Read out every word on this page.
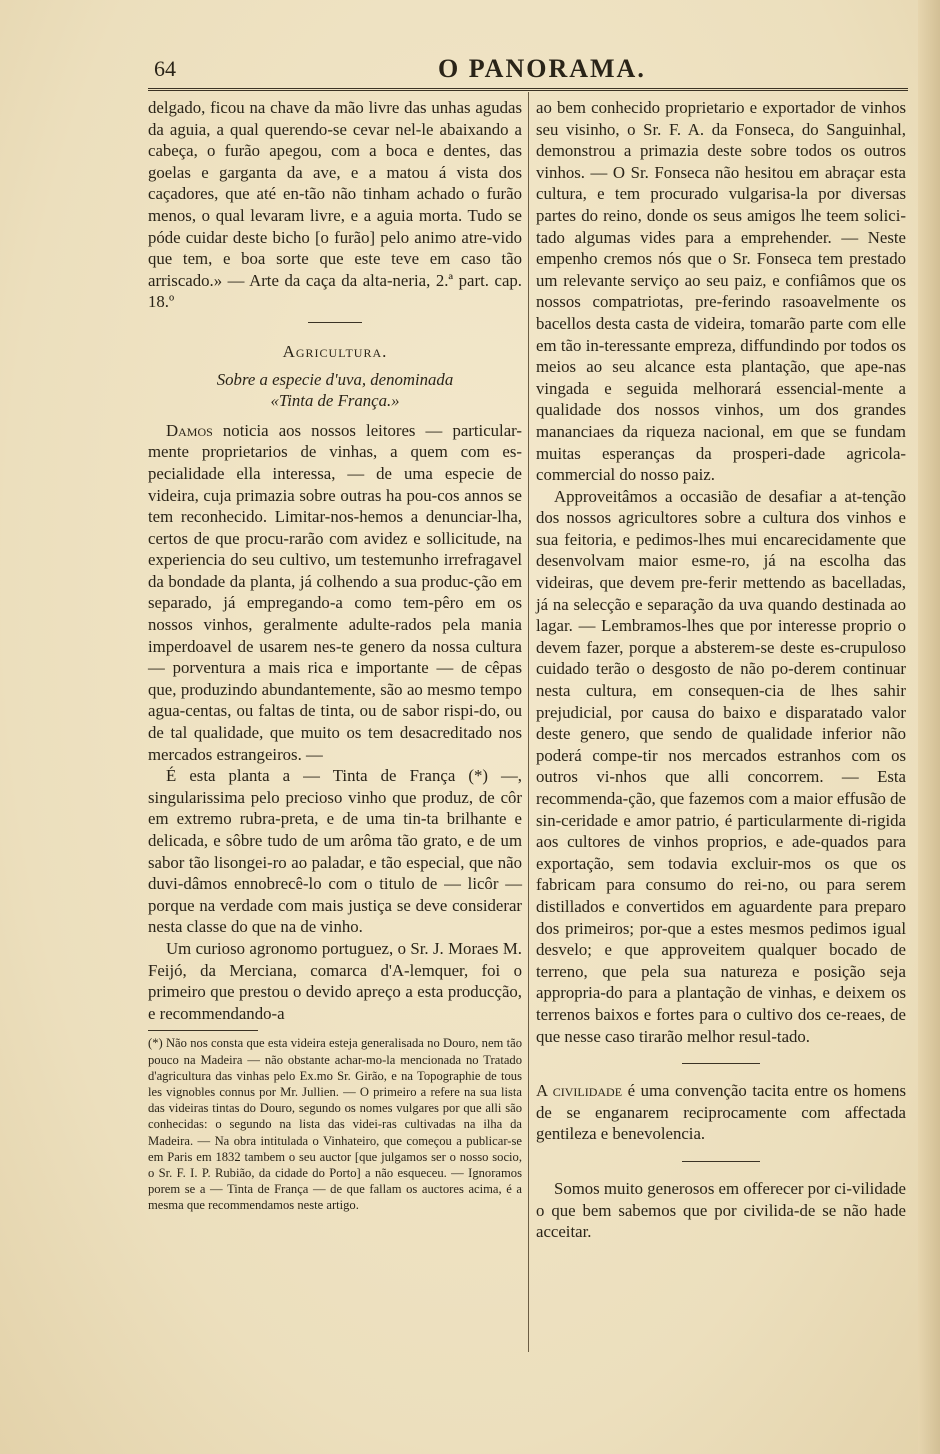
64	O PANORAMA.

delgado, ficou na chave da mão livre das unhas agudas da aguia, a qual querendo-se cevar nel-le abaixando a cabeça, o furão apegou, com a boca e dentes, das goelas e garganta da ave, e a matou á vista dos caçadores, que até en-tão não tinham achado o furão menos, o qual levaram livre, e a aguia morta. Tudo se póde cuidar deste bicho [o furão] pelo animo atre-vido que tem, e boa sorte que este teve em caso tão arriscado.» — Arte da caça da alta-neria, 2.ª part. cap. 18.º

Agricultura.
Sobre a especie d'uva, denominada
«Tinta de França.»

Damos noticia aos nossos leitores — particular-mente proprietarios de vinhas, a quem com es-pecialidade ella interessa, — de uma especie de videira, cuja primazia sobre outras ha pou-cos annos se tem reconhecido. Limitar-nos-hemos a denunciar-lha, certos de que procu-rarão com avidez e sollicitude, na experiencia do seu cultivo, um testemunho irrefragavel da bondade da planta, já colhendo a sua produc-ção em separado, já empregando-a como tem-pêro em os nossos vinhos, geralmente adulte-rados pela mania imperdoavel de usarem nes-te genero da nossa cultura — porventura a mais rica e importante — de cêpas que, produzindo abundantemente, são ao mesmo tempo agua-centas, ou faltas de tinta, ou de sabor rispi-do, ou de tal qualidade, que muito os tem desacreditado nos mercados estrangeiros. —

É esta planta a — Tinta de França (*) —, singularissima pelo precioso vinho que produz, de côr em extremo rubra-preta, e de uma tin-ta brilhante e delicada, e sôbre tudo de um arôma tão grato, e de um sabor tão lisongei-ro ao paladar, e tão especial, que não duvi-dâmos ennobrecê-lo com o titulo de — licôr — porque na verdade com mais justiça se deve considerar nesta classe do que na de vinho.

Um curioso agronomo portuguez, o Sr. J. Moraes M. Feijó, da Merciana, comarca d'A-lemquer, foi o primeiro que prestou o devido apreço a esta producção, e recommendando-a

(*) Não nos consta que esta videira esteja generalisada no Douro, nem tão pouco na Madeira — não obstante achar-mo-la mencionada no Tratado d'agricultura das vinhas pelo Ex.mo Sr. Girão, e na Topographie de tous les vignobles connus por Mr. Jullien. — O primeiro a refere na sua lista das videiras tintas do Douro, segundo os nomes vulgares por que alli são conhecidas: o segundo na lista das videi-ras cultivadas na ilha da Madeira. — Na obra intitulada o Vinhateiro, que começou a publicar-se em Paris em 1832 tambem o seu auctor [que julgamos ser o nosso socio, o Sr. F. I. P. Rubião, da cidade do Porto] a não esqueceu. — Ignoramos porem se a — Tinta de França — de que fallam os auctores acima, é a mesma que recommendamos neste artigo.

ao bem conhecido proprietario e exportador de vinhos seu visinho, o Sr. F. A. da Fonseca, do Sanguinhal, demonstrou a primazia deste sobre todos os outros vinhos. — O Sr. Fonseca não hesitou em abraçar esta cultura, e tem procurado vulgarisa-la por diversas partes do reino, donde os seus amigos lhe teem solici-tado algumas vides para a emprehender. — Neste empenho cremos nós que o Sr. Fonseca tem prestado um relevante serviço ao seu paiz, e confiâmos que os nossos compatriotas, pre-ferindo rasoavelmente os bacellos desta casta de videira, tomarão parte com elle em tão in-teressante empreza, diffundindo por todos os meios ao seu alcance esta plantação, que ape-nas vingada e seguida melhorará essencial-mente a qualidade dos nossos vinhos, um dos grandes mananciaes da riqueza nacional, em que se fundam muitas esperanças da prosperi-dade agricola-commercial do nosso paiz.

Approveitâmos a occasião de desafiar a at-tenção dos nossos agricultores sobre a cultura dos vinhos e sua feitoria, e pedimos-lhes mui encarecidamente que desenvolvam maior esme-ro, já na escolha das videiras, que devem pre-ferir mettendo as bacelladas, já na selecção e separação da uva quando destinada ao lagar. — Lembramos-lhes que por interesse proprio o devem fazer, porque a absterem-se deste es-crupuloso cuidado terão o desgosto de não po-derem continuar nesta cultura, em consequen-cia de lhes sahir prejudicial, por causa do baixo e disparatado valor deste genero, que sendo de qualidade inferior não poderá compe-tir nos mercados estranhos com os outros vi-nhos que alli concorrem. — Esta recommenda-ção, que fazemos com a maior effusão de sin-ceridade e amor patrio, é particularmente di-rigida aos cultores de vinhos proprios, e ade-quados para exportação, sem todavia excluir-mos os que os fabricam para consumo do rei-no, ou para serem distillados e convertidos em aguardente para preparo dos primeiros; por-que a estes mesmos pedimos igual desvelo; e que approveitem qualquer bocado de terreno, que pela sua natureza e posição seja appropria-do para a plantação de vinhas, e deixem os terrenos baixos e fortes para o cultivo dos ce-reaes, de que nesse caso tirarão melhor resul-tado.

A civilidade é uma convenção tacita entre os homens de se enganarem reciprocamente com affectada gentileza e benevolencia.

Somos muito generosos em offerecer por ci-vilidade o que bem sabemos que por civilida-de se não hade acceitar.
